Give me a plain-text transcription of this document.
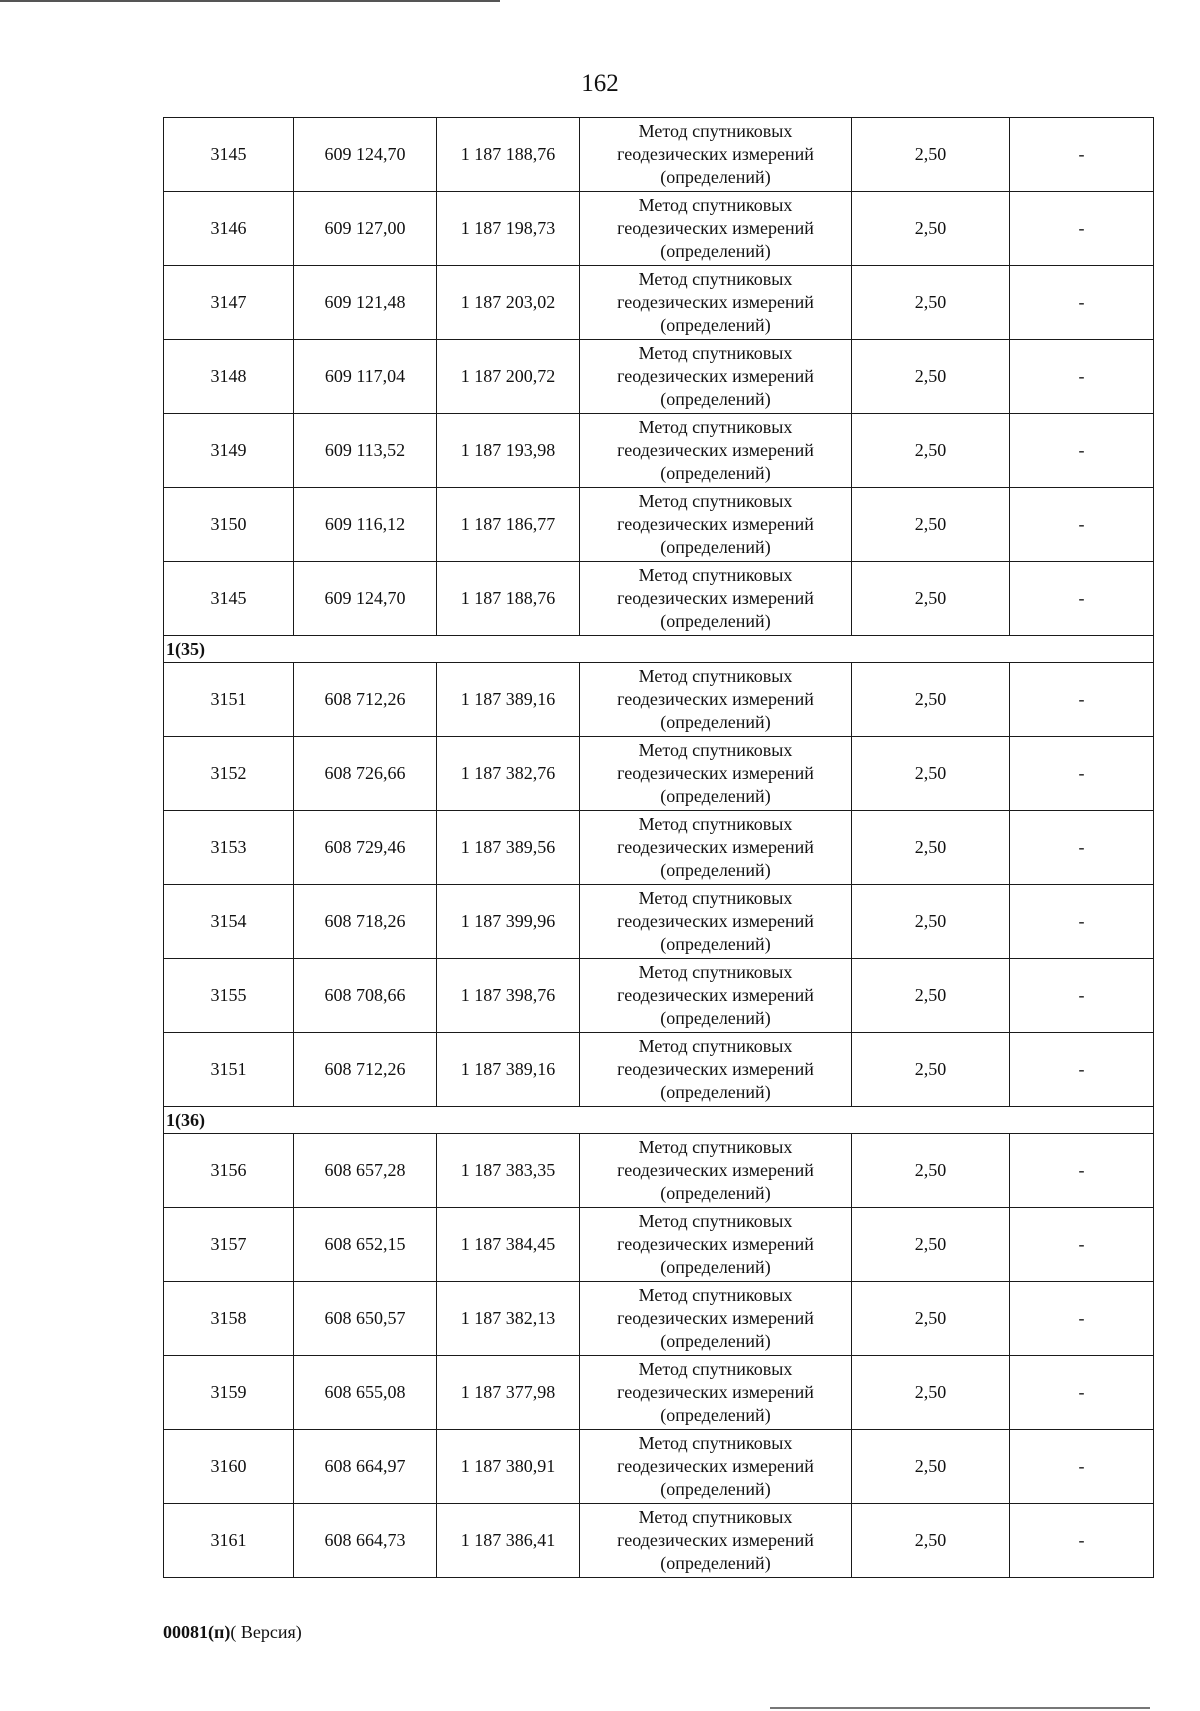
162
3145	609 124,70	1 187 188,76	Метод спутниковых
геодезических измерений
(определений)	2,50	-
3146	609 127,00	1 187 198,73	Метод спутниковых
геодезических измерений
(определений)	2,50	-
3147	609 121,48	1 187 203,02	Метод спутниковых
геодезических измерений
(определений)	2,50	-
3148	609 117,04	1 187 200,72	Метод спутниковых
геодезических измерений
(определений)	2,50	-
3149	609 113,52	1 187 193,98	Метод спутниковых
геодезических измерений
(определений)	2,50	-
3150	609 116,12	1 187 186,77	Метод спутниковых
геодезических измерений
(определений)	2,50	-
3145	609 124,70	1 187 188,76	Метод спутниковых
геодезических измерений
(определений)	2,50	-
1(35)					
3151	608 712,26	1 187 389,16	Метод спутниковых
геодезических измерений
(определений)	2,50	-
3152	608 726,66	1 187 382,76	Метод спутниковых
геодезических измерений
(определений)	2,50	-
3153	608 729,46	1 187 389,56	Метод спутниковых
геодезических измерений
(определений)	2,50	-
3154	608 718,26	1 187 399,96	Метод спутниковых
геодезических измерений
(определений)	2,50	-
3155	608 708,66	1 187 398,76	Метод спутниковых
геодезических измерений
(определений)	2,50	-
3151	608 712,26	1 187 389,16	Метод спутниковых
геодезических измерений
(определений)	2,50	-
1(36)					
3156	608 657,28	1 187 383,35	Метод спутниковых
геодезических измерений
(определений)	2,50	-
3157	608 652,15	1 187 384,45	Метод спутниковых
геодезических измерений
(определений)	2,50	-
3158	608 650,57	1 187 382,13	Метод спутниковых
геодезических измерений
(определений)	2,50	-
3159	608 655,08	1 187 377,98	Метод спутниковых
геодезических измерений
(определений)	2,50	-
3160	608 664,97	1 187 380,91	Метод спутниковых
геодезических измерений
(определений)	2,50	-
3161	608 664,73	1 187 386,41	Метод спутниковых
геодезических измерений
(определений)	2,50	-
00081(п)( Версия)
